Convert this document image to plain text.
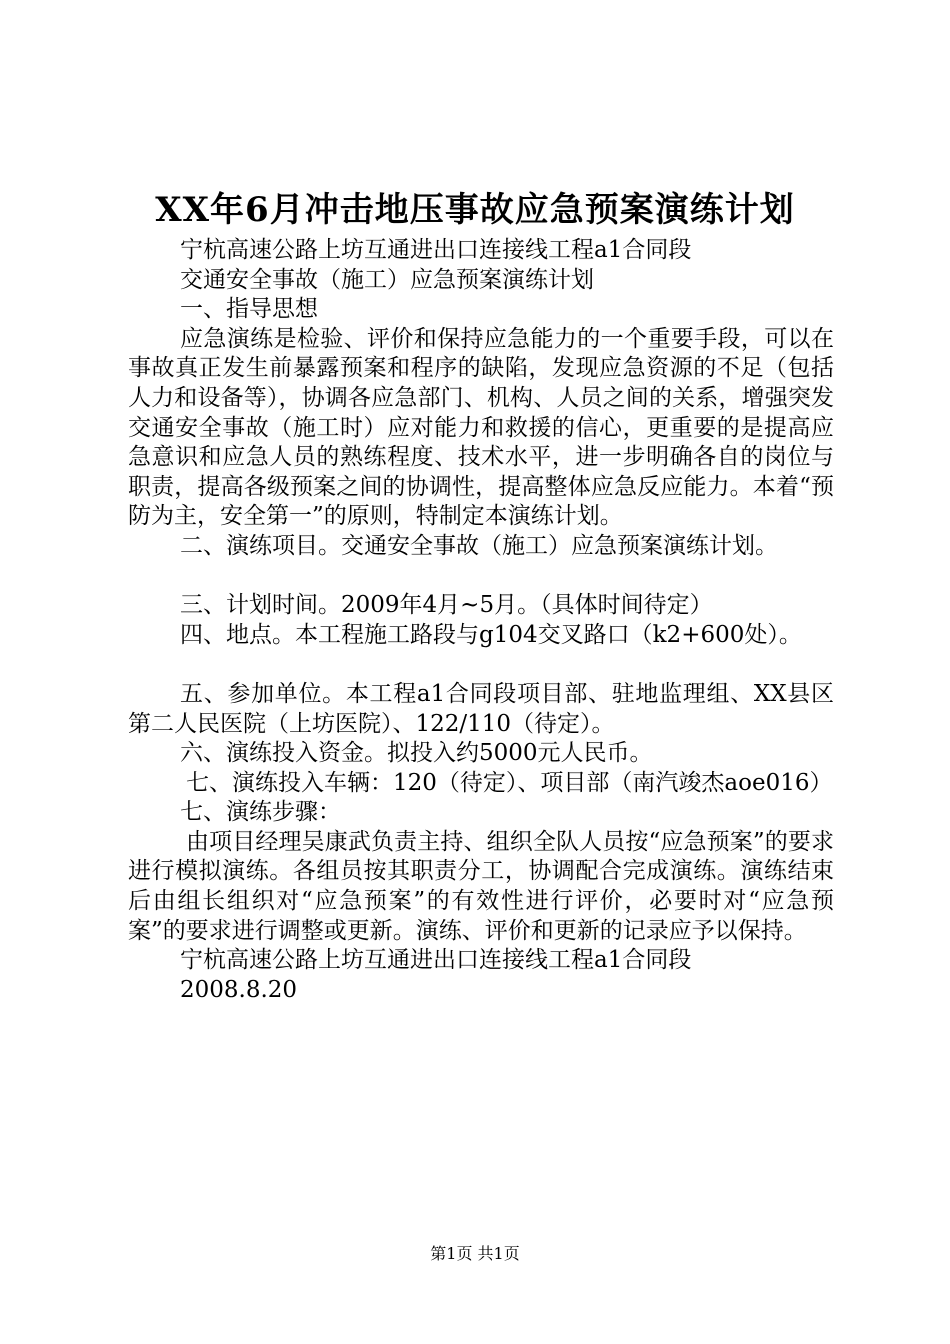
XX年6月冲击地压事故应急预案演练计划

宁杭高速公路上坊互通进出口连接线工程a1合同段

交通安全事故（施工）应急预案演练计划

一、指导思想

应急演练是检验、评价和保持应急能力的一个重要手段，可以在事故真正发生前暴露预案和程序的缺陷，发现应急资源的不足（包括人力和设备等），协调各应急部门、机构、人员之间的关系，增强突发交通安全事故（施工时）应对能力和救援的信心，更重要的是提高应急意识和应急人员的熟练程度、技术水平，进一步明确各自的岗位与职责，提高各级预案之间的协调性，提高整体应急反应能力。本着“预防为主，安全第一”的原则，特制定本演练计划。

二、演练项目。交通安全事故（施工）应急预案演练计划。

三、计划时间。2009年4月~5月。（具体时间待定）

四、地点。本工程施工路段与g104交叉路口（k2+600处）。

五、参加单位。本工程a1合同段项目部、驻地监理组、XX县区第二人民医院（上坊医院）、122/110（待定）。

六、演练投入资金。拟投入约5000元人民币。

七、演练投入车辆：120（待定）、项目部（南汽竣杰aoe016）

七、演练步骤：

由项目经理吴康武负责主持、组织全队人员按“应急预案”的要求进行模拟演练。各组员按其职责分工，协调配合完成演练。演练结束后由组长组织对“应急预案”的有效性进行评价，必要时对“应急预案”的要求进行调整或更新。演练、评价和更新的记录应予以保持。

宁杭高速公路上坊互通进出口连接线工程a1合同段

2008.8.20

第1页 共1页
